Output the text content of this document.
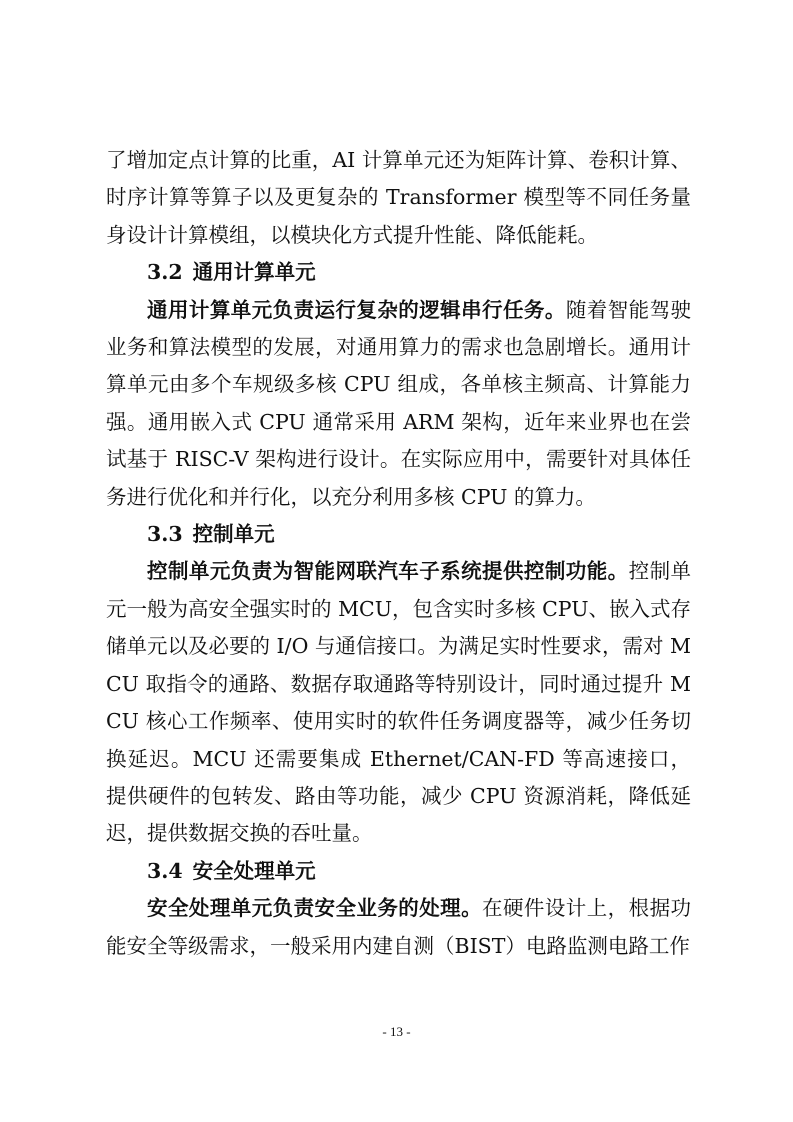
了增加定点计算的比重，AI 计算单元还为矩阵计算、卷积计算、时序计算等算子以及更复杂的 Transformer 模型等不同任务量身设计计算模组，以模块化方式提升性能、降低能耗。

3.2 通用计算单元

通用计算单元负责运行复杂的逻辑串行任务。随着智能驾驶业务和算法模型的发展，对通用算力的需求也急剧增长。通用计算单元由多个车规级多核 CPU 组成，各单核主频高、计算能力强。通用嵌入式 CPU 通常采用 ARM 架构，近年来业界也在尝试基于 RISC-V 架构进行设计。在实际应用中，需要针对具体任务进行优化和并行化，以充分利用多核 CPU 的算力。

3.3 控制单元

控制单元负责为智能网联汽车子系统提供控制功能。控制单元一般为高安全强实时的 MCU，包含实时多核 CPU、嵌入式存储单元以及必要的 I/O 与通信接口。为满足实时性要求，需对 MCU 取指令的通路、数据存取通路等特别设计，同时通过提升 MCU 核心工作频率、使用实时的软件任务调度器等，减少任务切换延迟。MCU 还需要集成 Ethernet/CAN-FD 等高速接口，提供硬件的包转发、路由等功能，减少 CPU 资源消耗，降低延迟，提供数据交换的吞吐量。

3.4 安全处理单元

安全处理单元负责安全业务的处理。在硬件设计上，根据功能安全等级需求，一般采用内建自测（BIST）电路监测电路工作

- 13 -
